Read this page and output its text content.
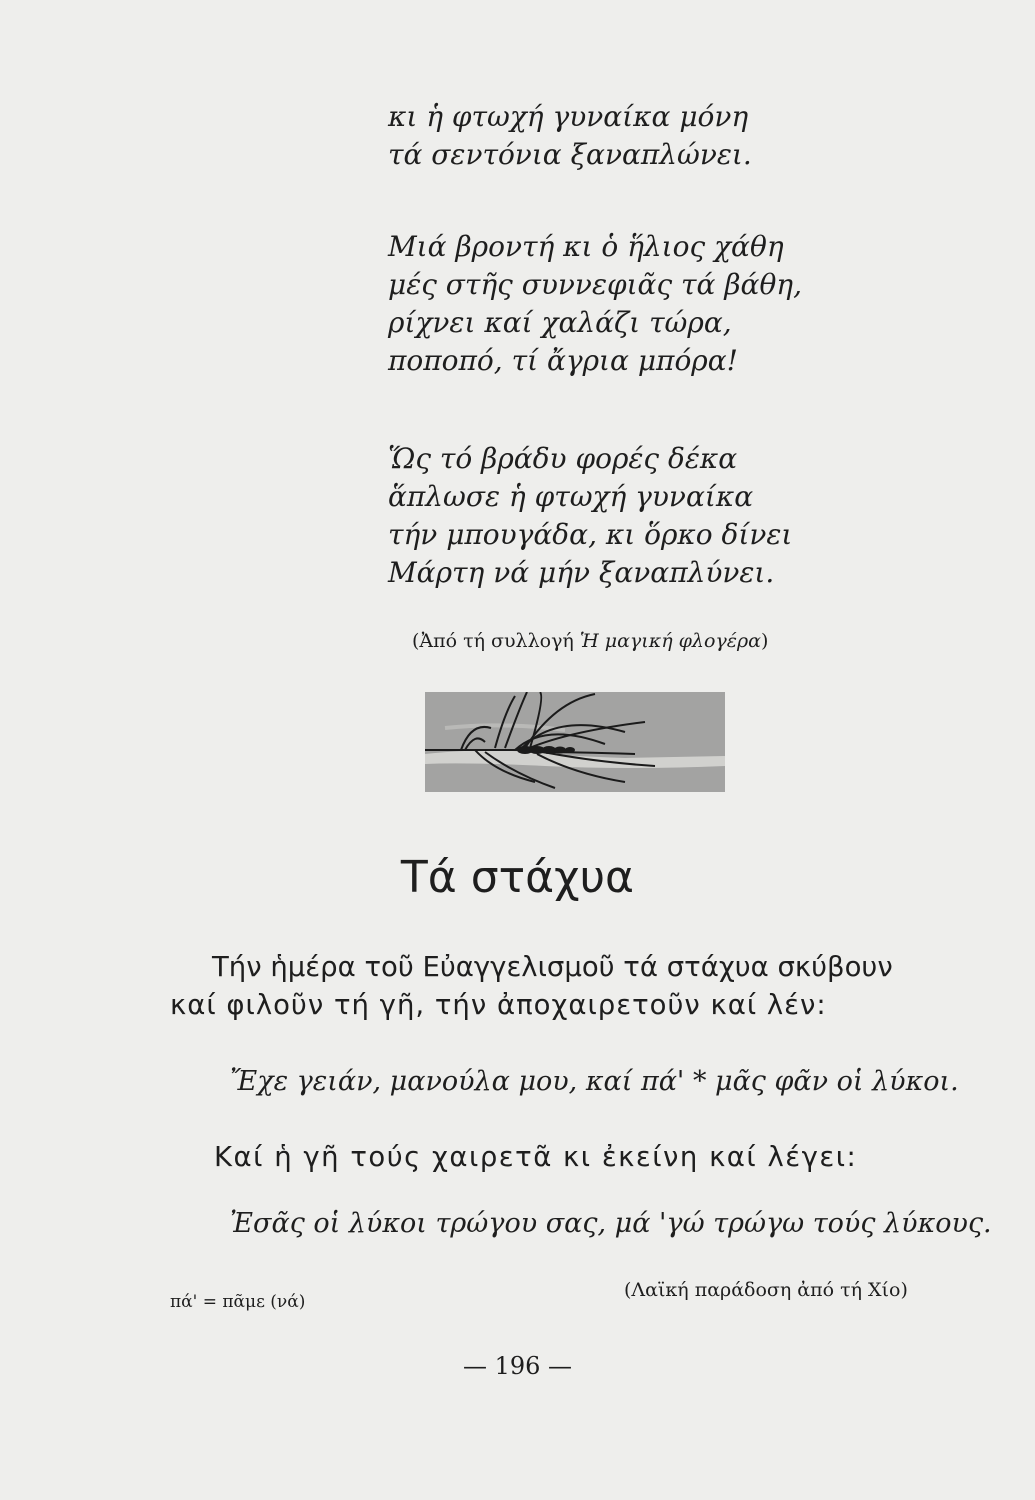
κι ἡ φτωχή γυναίκα μόνη
τά σεντόνια ξαναπλώνει.
Μιά βροντή κι ὁ ἥλιος χάθη
μές στῆς συννεφιᾶς τά βάθη,
ρίχνει καί χαλάζι τώρα,
ποποπό, τί ἄγρια μπόρα!
Ὥς τό βράδυ φορές δέκα
ἅπλωσε ἡ φτωχή γυναίκα
τήν μπουγάδα, κι ὅρκο δίνει
Μάρτη νά μήν ξαναπλύνει.
(Ἀπό τή συλλογή Ἡ μαγική φλογέρα)
Τά στάχυα
Τήν ἡμέρα τοῦ Εὐαγγελισμοῦ τά στάχυα σκύβουν
καί φιλοῦν τή γῆ, τήν ἀποχαιρετοῦν καί λέν:
Ἔχε γειάν, μανούλα μου, καί πά' * μᾶς φᾶν οἱ λύκοι.
Καί ἡ γῆ τούς χαιρετᾶ κι ἐκείνη καί λέγει:
Ἐσᾶς οἱ λύκοι τρώγου σας, μά 'γώ τρώγω τούς λύκους.
πά' = πᾶμε (νά)
(Λαϊκή παράδοση ἀπό τή Χίο)
— 196 —
